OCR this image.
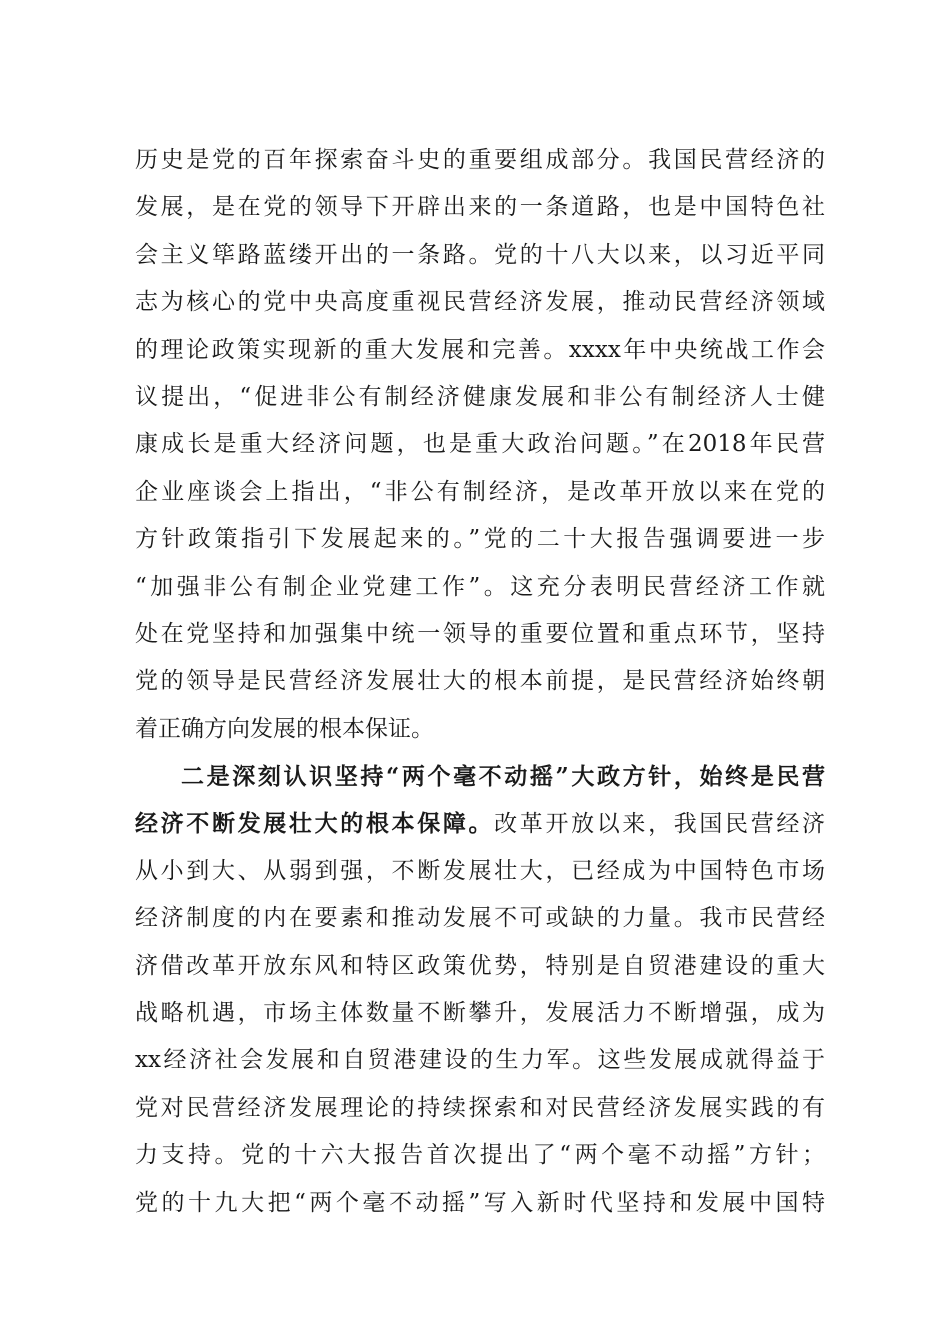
历史是党的百年探索奋斗史的重要组成部分。我国民营经济的

发展，是在党的领导下开辟出来的一条道路，也是中国特色社

会主义筚路蓝缕开出的一条路。党的十八大以来，以习近平同

志为核心的党中央高度重视民营经济发展，推动民营经济领域

的理论政策实现新的重大发展和完善。xxxx年中央统战工作会

议提出，“促进非公有制经济健康发展和非公有制经济人士健

康成长是重大经济问题，也是重大政治问题。”在2018年民营

企业座谈会上指出，“非公有制经济，是改革开放以来在党的

方针政策指引下发展起来的。”党的二十大报告强调要进一步

“加强非公有制企业党建工作”。这充分表明民营经济工作就

处在党坚持和加强集中统一领导的重要位置和重点环节，坚持

党的领导是民营经济发展壮大的根本前提，是民营经济始终朝

着正确方向发展的根本保证。

二是深刻认识坚持“两个毫不动摇”大政方针，始终是民营

经济不断发展壮大的根本保障。改革开放以来，我国民营经济

从小到大、从弱到强，不断发展壮大，已经成为中国特色市场

经济制度的内在要素和推动发展不可或缺的力量。我市民营经

济借改革开放东风和特区政策优势，特别是自贸港建设的重大

战略机遇，市场主体数量不断攀升，发展活力不断增强，成为

xx经济社会发展和自贸港建设的生力军。这些发展成就得益于

党对民营经济发展理论的持续探索和对民营经济发展实践的有

力支持。党的十六大报告首次提出了“两个毫不动摇”方针；

党的十九大把“两个毫不动摇”写入新时代坚持和发展中国特
